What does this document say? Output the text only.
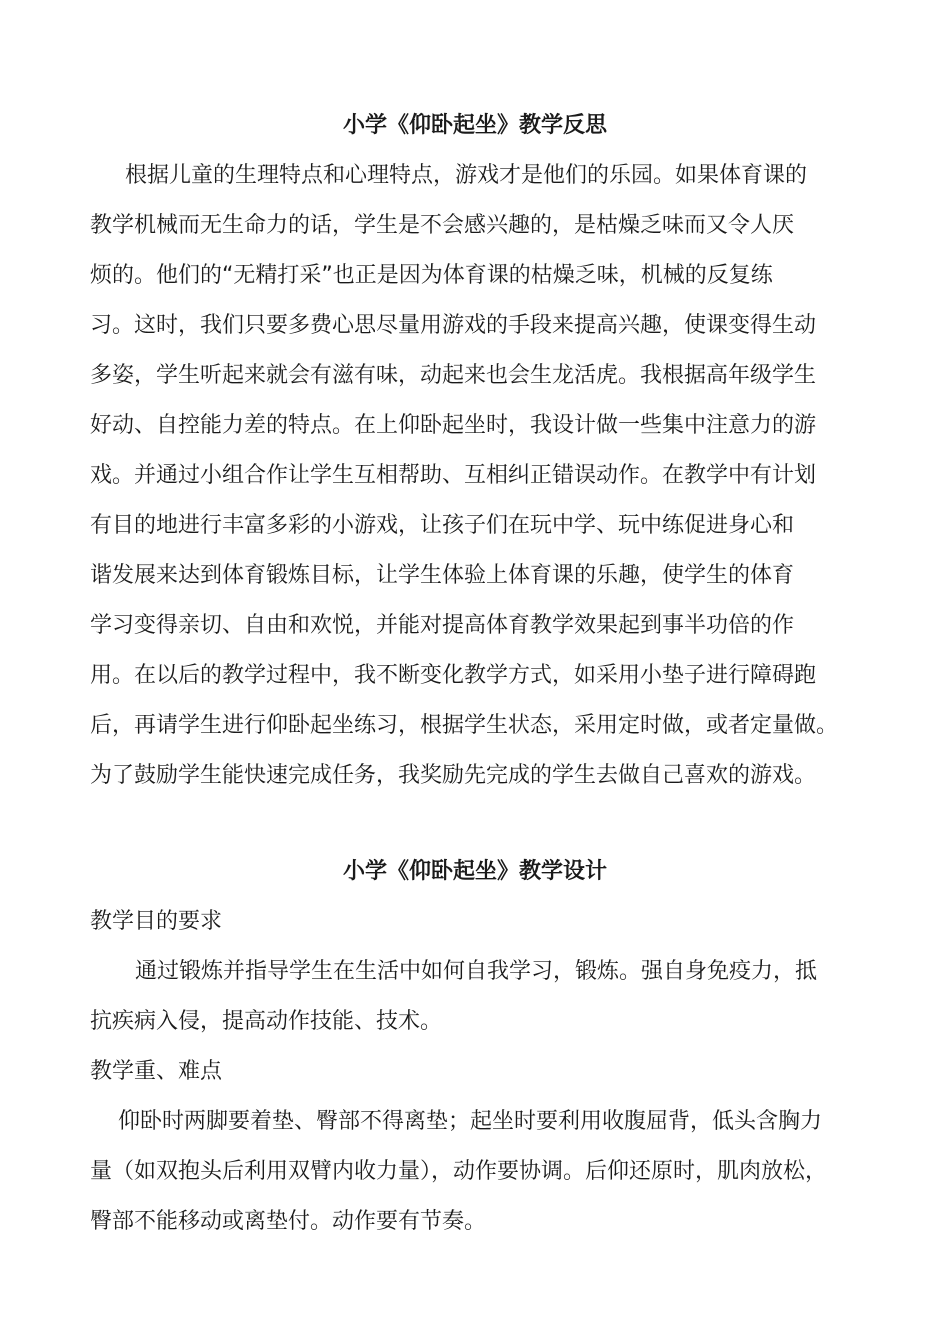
小学《仰卧起坐》教学反思
根据儿童的生理特点和心理特点，游戏才是他们的乐园。如果体育课的
教学机械而无生命力的话，学生是不会感兴趣的，是枯燥乏味而又令人厌
烦的。他们的“无精打采”也正是因为体育课的枯燥乏味，机械的反复练
习。这时，我们只要多费心思尽量用游戏的手段来提高兴趣，使课变得生动
多姿，学生听起来就会有滋有味，动起来也会生龙活虎。我根据高年级学生
好动、自控能力差的特点。在上仰卧起坐时，我设计做一些集中注意力的游
戏。并通过小组合作让学生互相帮助、互相纠正错误动作。在教学中有计划
有目的地进行丰富多彩的小游戏，让孩子们在玩中学、玩中练促进身心和
谐发展来达到体育锻炼目标，让学生体验上体育课的乐趣，使学生的体育
学习变得亲切、自由和欢悦，并能对提高体育教学效果起到事半功倍的作
用。在以后的教学过程中，我不断变化教学方式，如采用小垫子进行障碍跑
后，再请学生进行仰卧起坐练习，根据学生状态，采用定时做，或者定量做。
为了鼓励学生能快速完成任务，我奖励先完成的学生去做自己喜欢的游戏。
小学《仰卧起坐》教学设计
教学目的要求
通过锻炼并指导学生在生活中如何自我学习，锻炼。强自身免疫力，抵
抗疾病入侵，提高动作技能、技术。
教学重、难点
仰卧时两脚要着垫、臀部不得离垫；起坐时要利用收腹屈背，低头含胸力
量（如双抱头后利用双臂内收力量），动作要协调。后仰还原时，肌肉放松，
臀部不能移动或离垫付。动作要有节奏。
